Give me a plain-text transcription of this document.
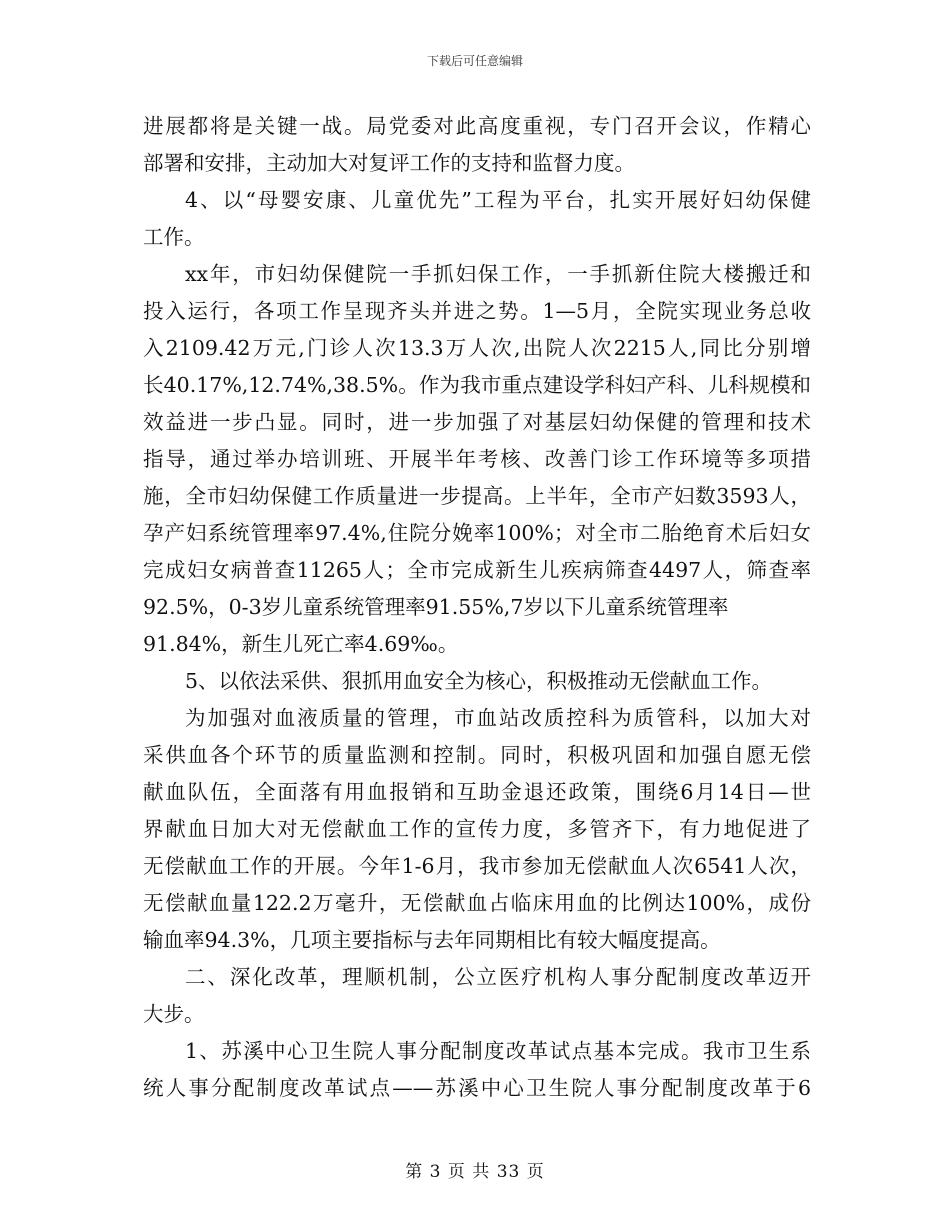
下载后可任意编辑
进展都将是关键一战。局党委对此高度重视，专门召开会议，作精心
部署和安排，主动加大对复评工作的支持和监督力度。
4、以“母婴安康、儿童优先”工程为平台，扎实开展好妇幼保健
工作。
xx年，市妇幼保健院一手抓妇保工作，一手抓新住院大楼搬迁和
投入运行，各项工作呈现齐头并进之势。1—5月，全院实现业务总收
入2109.42万元,门诊人次13.3万人次,出院人次2215人,同比分别增
长40.17%,12.74%,38.5%。作为我市重点建设学科妇产科、儿科规模和
效益进一步凸显。同时，进一步加强了对基层妇幼保健的管理和技术
指导，通过举办培训班、开展半年考核、改善门诊工作环境等多项措
施，全市妇幼保健工作质量进一步提高。上半年，全市产妇数3593人，
孕产妇系统管理率97.4%,住院分娩率100%；对全市二胎绝育术后妇女
完成妇女病普查11265人；全市完成新生儿疾病筛查4497人，筛查率
92.5%，0-3岁儿童系统管理率91.55%,7岁以下儿童系统管理率
91.84%，新生儿死亡率4.69‰。
5、以依法采供、狠抓用血安全为核心，积极推动无偿献血工作。
为加强对血液质量的管理，市血站改质控科为质管科，以加大对
采供血各个环节的质量监测和控制。同时，积极巩固和加强自愿无偿
献血队伍，全面落有用血报销和互助金退还政策，围绕6月14日—世
界献血日加大对无偿献血工作的宣传力度，多管齐下，有力地促进了
无偿献血工作的开展。今年1-6月，我市参加无偿献血人次6541人次，
无偿献血量122.2万毫升，无偿献血占临床用血的比例达100%，成份
输血率94.3%，几项主要指标与去年同期相比有较大幅度提高。
二、深化改革，理顺机制，公立医疗机构人事分配制度改革迈开
大步。
1、苏溪中心卫生院人事分配制度改革试点基本完成。我市卫生系
统人事分配制度改革试点——苏溪中心卫生院人事分配制度改革于6
第 3 页 共 33 页
